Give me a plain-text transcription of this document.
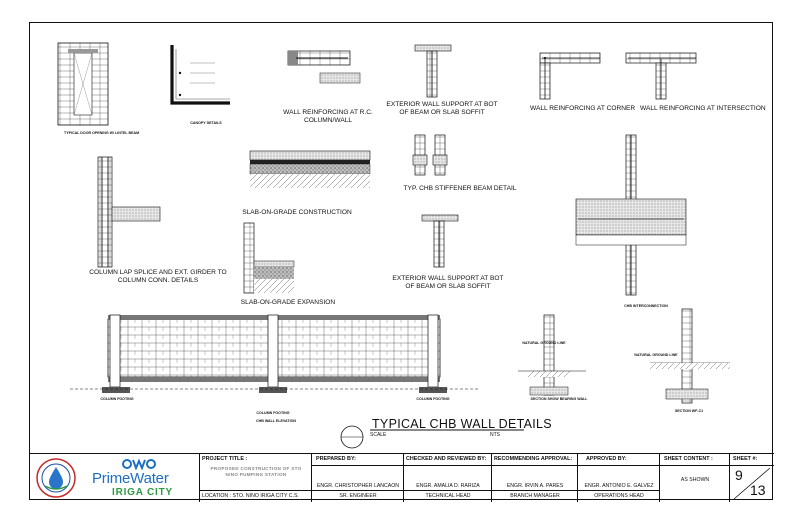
TYPICAL DOOR OPENING W/ LINTEL BEAM
CANOPY DETAILS
WALL REINFORCING AT R.C. COLUMN/WALL
EXTERIOR WALL SUPPORT AT BOT OF BEAM OR SLAB SOFFIT	WALL REINFORCING AT CORNER WALL REINFORCING AT INTERSECTION
SLAB-ON-GRADE CONSTRUCTION
TYP. CHB STIFFENER BEAM DETAIL
COLUMN LAP SPLICE AND EXT. GIRDER TO COLUMN CONN. DETAILS
SLAB-ON-GRADE EXPANSION
EXTERIOR WALL SUPPORT AT BOT OF BEAM OR SLAB SOFFIT
CHB INTERCONNECTION
CHB WALL ELEVATION
SECTION SHOW BEARING WALL
SECTION WF-C1
NATURAL GROUND LINE
NATURAL GROUND LINE
COLUMN FOOTING
COLUMN FOOTING
COLUMN FOOTING
TYPICAL CHB WALL DETAILS
SCALE	NTS
PrimeWater
IRIGA CITY
PROJECT TITLE :
PROPOSED CONSTRUCTION OF STO NINO PUMPING STATION
LOCATION : STO. NINO IRIGA CITY C.S.
PREPARED BY:
ENGR. CHRISTOPHER LANCAON
SR. ENGINEER
CHECKED AND REVIEWED BY:
ENGR. AMALIA D. RARIZA
TECHNICAL HEAD
RECOMMENDING APPROVAL:
ENGR. IRVIN A. PARES
BRANCH MANAGER
APPROVED BY:
ENGR. ANTONIO E. GALVEZ
OPERATIONS HEAD
SHEET CONTENT :
AS SHOWN
SHEET #:
9
13
